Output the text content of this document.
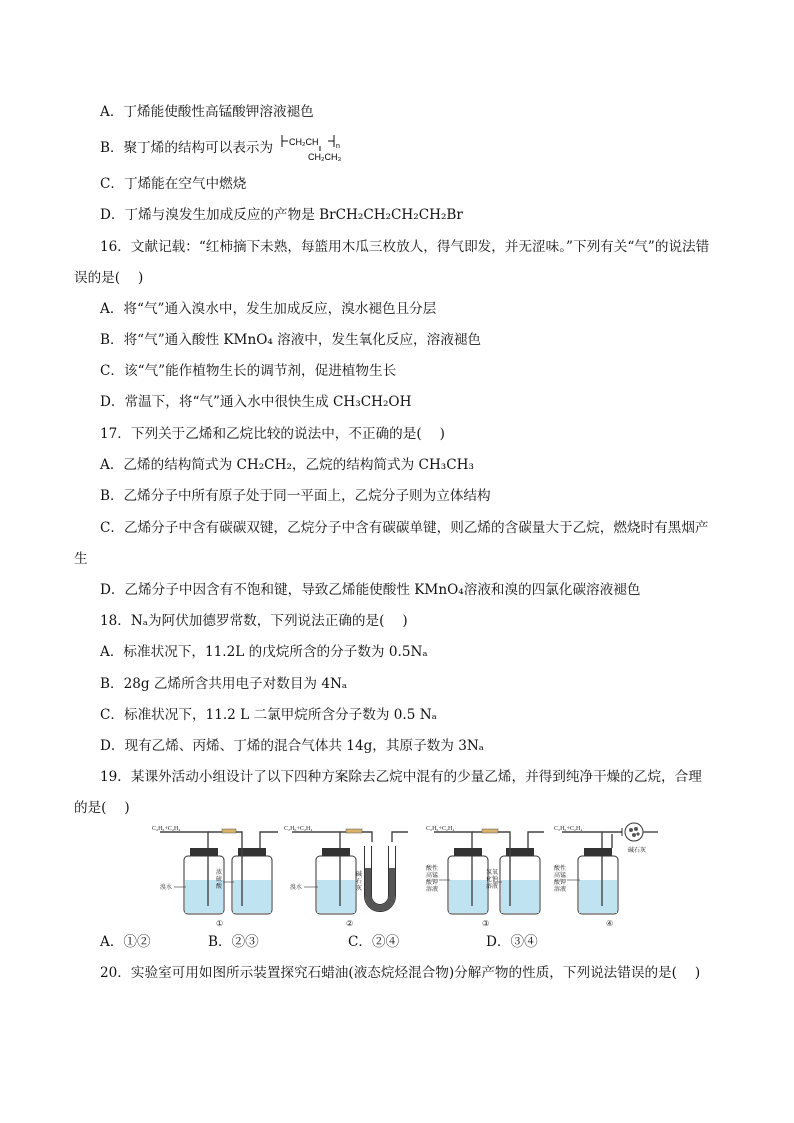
A．丁烯能使酸性高锰酸钾溶液褪色
B．聚丁烯的结构可以表示为 CH₂CH	n
CH₂CH₃
C．丁烯能在空气中燃烧
D．丁烯与溴发生加成反应的产物是 BrCH₂CH₂CH₂CH₂Br
16．文献记载：“红柿摘下未熟，每篮用木瓜三枚放人，得气即发，并无涩味。”下列有关“气”的说法错
误的是(　 )
A．将“气”通入溴水中，发生加成反应，溴水褪色且分层
B．将“气”通入酸性 KMnO₄ 溶液中，发生氧化反应，溶液褪色
C．该“气”能作植物生长的调节剂，促进植物生长
D．常温下，将“气”通入水中很快生成 CH₃CH₂OH
17．下列关于乙烯和乙烷比较的说法中，不正确的是(　 )
A．乙烯的结构简式为 CH₂CH₂，乙烷的结构简式为 CH₃CH₃
B．乙烯分子中所有原子处于同一平面上，乙烷分子则为立体结构
C．乙烯分子中含有碳碳双键，乙烷分子中含有碳碳单键，则乙烯的含碳量大于乙烷，燃烧时有黑烟产
生
D．乙烯分子中因含有不饱和键，导致乙烯能使酸性 KMnO₄溶液和溴的四氯化碳溶液褪色
18．Nₐ为阿伏加德罗常数，下列说法正确的是(　 )
A．标准状况下，11.2L 的戊烷所含的分子数为 0.5Nₐ
B．28g 乙烯所含共用电子对数目为 4Nₐ
C．标准状况下，11.2 L 二氯甲烷所含分子数为 0.5 Nₐ
D．现有乙烯、丙烯、丁烯的混合气体共 14g，其原子数为 3Nₐ
19．某课外活动小组设计了以下四种方案除去乙烷中混有的少量乙烯，并得到纯净干燥的乙烷，合理
的是(　 )
C₂H₆+C₂H₄
溴水
浓
硫
酸
①
C₂H₆+C₂H₄
溴水
碱
石
灰
②
C₂H₆+C₂H₄
酸性
高锰
酸钾
溶液
氢氧
化钠
溶液
③
C₂H₆+C₂H₄
酸性
高锰
酸钾
溶液
碱石灰
④
A．①②	B．②③	C．②④	D．③④
20．实验室可用如图所示装置探究石蜡油(液态烷烃混合物)分解产物的性质，下列说法错误的是(　 )
